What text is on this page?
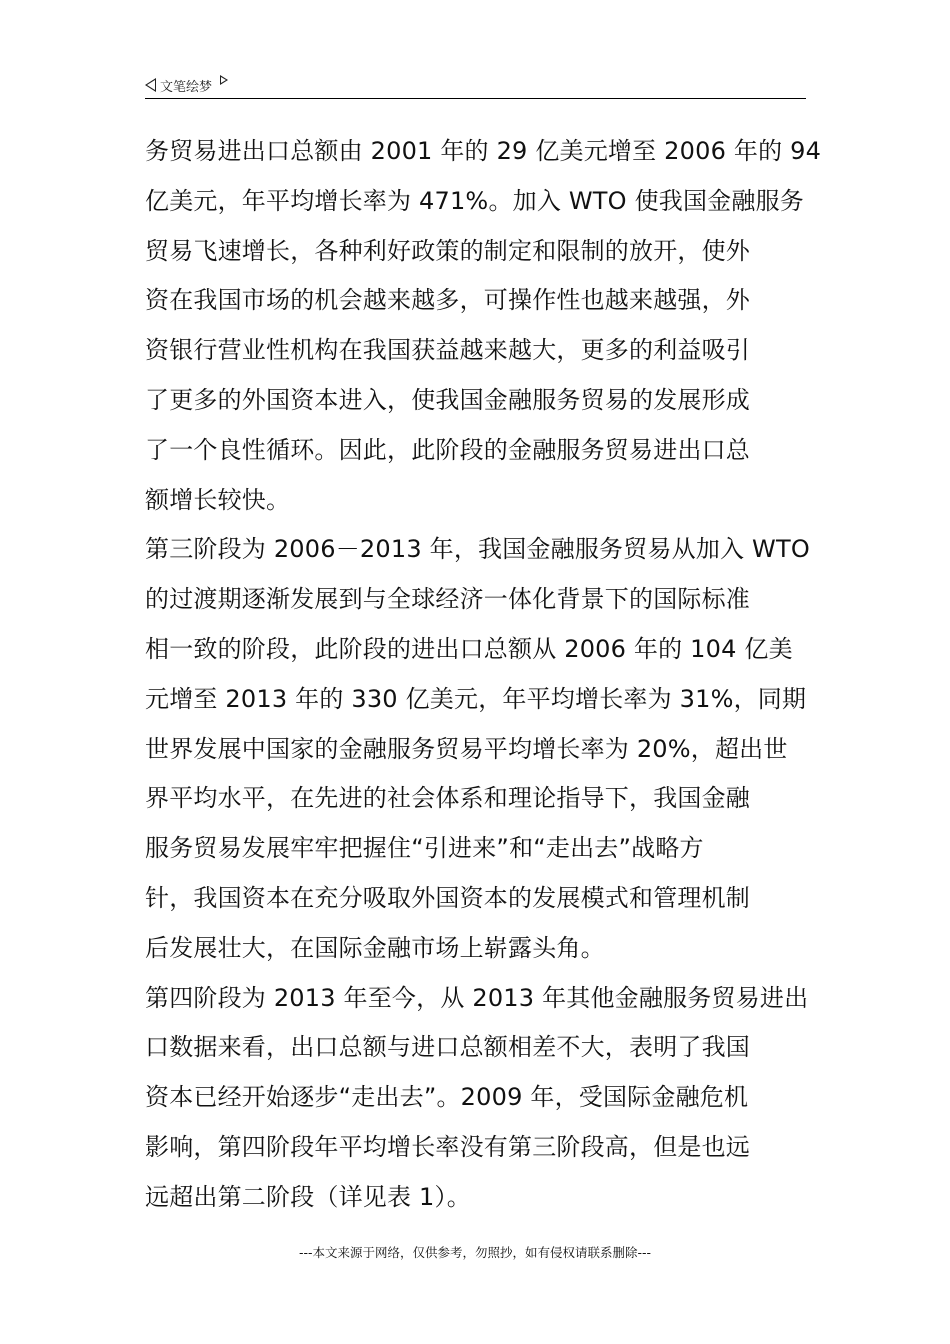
文笔绘梦
务贸易进出口总额由 2001 年的 29 亿美元增至 2006 年的 94
亿美元，年平均增长率为 471%。加入 WTO 使我国金融服务
贸易飞速增长，各种利好政策的制定和限制的放开，使外
资在我国市场的机会越来越多，可操作性也越来越强，外
资银行营业性机构在我国获益越来越大，更多的利益吸引
了更多的外国资本进入，使我国金融服务贸易的发展形成
了一个良性循环。因此，此阶段的金融服务贸易进出口总
额增长较快。
第三阶段为 2006－2013 年，我国金融服务贸易从加入 WTO
的过渡期逐渐发展到与全球经济一体化背景下的国际标准
相一致的阶段，此阶段的进出口总额从 2006 年的 104 亿美
元增至 2013 年的 330 亿美元，年平均增长率为 31%，同期
世界发展中国家的金融服务贸易平均增长率为 20%，超出世
界平均水平，在先进的社会体系和理论指导下，我国金融
服务贸易发展牢牢把握住“引进来”和“走出去”战略方
针，我国资本在充分吸取外国资本的发展模式和管理机制
后发展壮大，在国际金融市场上崭露头角。
第四阶段为 2013 年至今，从 2013 年其他金融服务贸易进出
口数据来看，出口总额与进口总额相差不大，表明了我国
资本已经开始逐步“走出去”。2009 年，受国际金融危机
影响，第四阶段年平均增长率没有第三阶段高，但是也远
远超出第二阶段（详见表 1）。
---本文来源于网络，仅供参考，勿照抄，如有侵权请联系删除---
